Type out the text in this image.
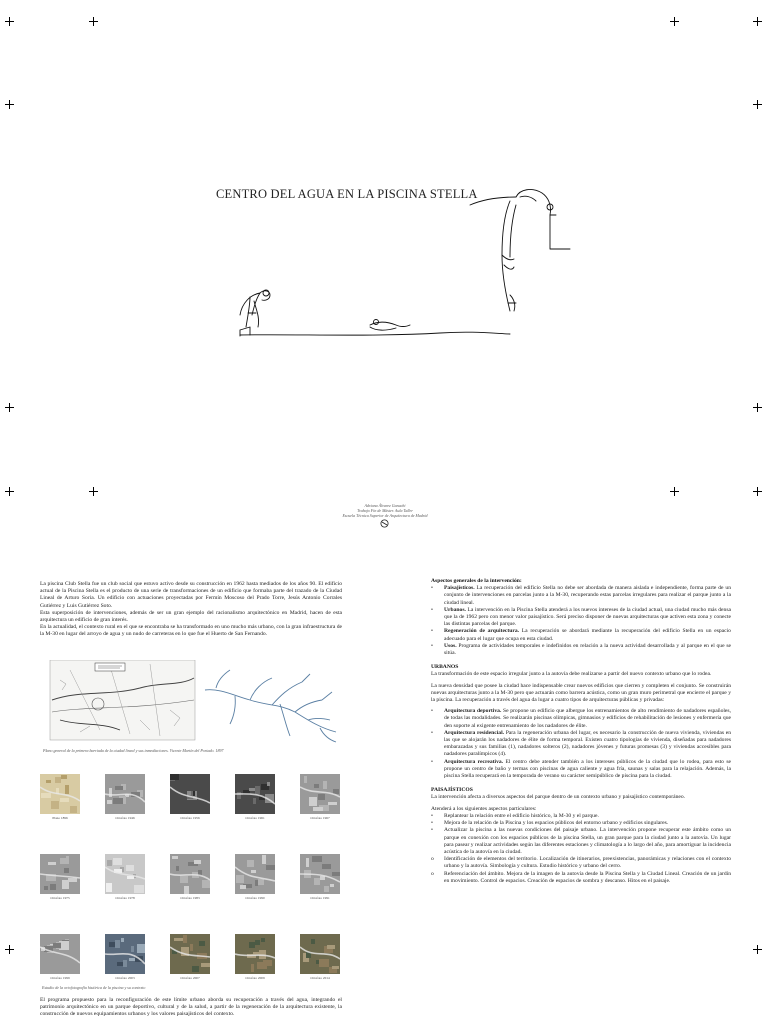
CENTRO DEL AGUA EN LA PISCINA STELLA
Adriana Álvarez Ganuchi
Trabajo Fin de Máster. Aula Taller
Escuela Técnica Superior de Arquitectura de Madrid

La piscina Club Stella fue un club social que estuvo activo desde su construcción en 1962 hasta mediados de los años 90. El edificio actual de la Piscina Stella es el producto de una serie de transformaciones de un edificio que formaba parte del trazado de la Ciudad Lineal de Arturo Soria. Un edificio con actuaciones proyectadas por Fermín Moscoso del Prado Torre, Jesús Antonio Corrales Gutiérrez y Luis Gutiérrez Soto.

Esta superposición de intervenciones, además de ser un gran ejemplo del racionalismo arquitectónico en Madrid, hacen de esta arquitectura un edificio de gran interés.

En la actualidad, el contexto rural en el que se encontraba se ha transformado en uno mucho más urbano, con la gran infraestructura de la M-30 en lugar del arroyo de agua y un nudo de carreteras en lo que fue el Huerto de San Fernando.

Plano general de la primera barriada de la ciudad lineal y sus inmediaciones. Vicente Martín del Portado. 1897
Plano 1896	Ortofoto 1946	Ortofoto 1956	Ortofoto 1961	Ortofoto 1967
Ortofoto 1975	Ortofoto 1978	Ortofoto 1983	Ortofoto 1990	Ortofoto 1991
Ortofoto 1999	Ortofoto 2003	Ortofoto 2007	Ortofoto 2009	Ortofoto 2014
Estudio de la ortofotografía histórica de la piscina y su contexto

El programa propuesto para la reconfiguración de este límite urbano aborda su recuperación a través del agua, integrando el patrimonio arquitectónico en un parque deportivo, cultural y de la salud, a partir de la regeneración de la arquitectura existente, la construcción de nuevos equipamientos urbanos y los valores paisajísticos del contexto.

Aspectos generales de la intervención:

•	Paisajísticos. La recuperación del edificio Stella no debe ser abordada de manera aislada e independiente, forma parte de un conjunto de intervenciones en parcelas junto a la M-30, recuperando estas parcelas irregulares para realizar el parque junto a la ciudad lineal.
•	Urbanos. La intervención en la Piscina Stella atenderá a los nuevos intereses de la ciudad actual, una ciudad mucho más densa que la de 1962 pero con menor valor paisajístico. Será preciso disponer de nuevas arquitecturas que activen esta zona y conecte las distintas parcelas del parque.
•	Regeneración de arquitectura. La recuperación se abordará mediante la recuperación del edificio Stella en un espacio adecuado para el lugar que ocupa en esta ciudad.
•	Usos. Programa de actividades temporales e indefinidos en relación a la nueva actividad desarrollada y al parque en el que se sitúa.

URBANOS

La transformación de este espacio irregular junto a la autovía debe realizarse a partir del nuevo contexto urbano que lo rodea.

La nueva densidad que posee la ciudad hace indispensable crear nuevos edificios que cierren y completen el conjunto. Se construirán nuevas arquitecturas junto a la M-30 pero que actuarán como barrera acústica, como un gran muro perimetral que encierre el parque y la piscina. La recuperación a través del agua da lugar a cuatro tipos de arquitecturas públicas y privadas:

•	Arquitectura deportiva. Se propone un edificio que albergue los entrenamientos de alto rendimiento de nadadores españoles, de todas las modalidades. Se realizarán piscinas olímpicas, gimnasios y edificios de rehabilitación de lesiones y enfermería que den soporte al exigente entrenamiento de los nadadores de élite.
•	Arquitectura residencial. Para la regeneración urbana del lugar, es necesario la construcción de nueva vivienda, viviendas en las que se alojarán los nadadores de élite de forma temporal. Existen cuatro tipologías de vivienda, diseñadas para nadadores embarazadas y sus familias (1), nadadores solteros (2), nadadores jóvenes y futuras promesas (3) y viviendas accesibles para nadadores paralímpicos (4).
•	Arquitectura recreativa. El centro debe atender también a los intereses públicos de la ciudad que lo rodea, para esto se propone un centro de baño y termas con piscinas de agua caliente y agua fría, saunas y salas para la relajación. Además, la piscina Stella recuperará en la temporada de verano su carácter semipúblico de piscina para la ciudad.

PAISAJÍSTICOS

La intervención afecta a diversos aspectos del parque dentro de un contexto urbano y paisajístico contemporáneo.

Atenderá a los siguientes aspectos particulares:

•	Replantear la relación entre el edificio histórico, la M-30 y el parque.
•	Mejora de la relación de la Piscina y los espacios públicos del entorno urbano y edificios singulares.
•	Actualizar la piscina a las nuevas condiciones del paisaje urbano. La intervención propone recuperar este ámbito como un parque en conexión con los espacios públicos de la piscina Stella, un gran parque para la ciudad junto a la autovía. Un lugar para pasear y realizar actividades según las diferentes estaciones y climatología a lo largo del año, para amortiguar la incidencia acústica de la autovía en la ciudad.
o	Identificación de elementos del territorio. Localización de itinerarios, preexistencias, panorámicas y relaciones con el contexto urbano y la autovía. Simbología y cultura. Estudio histórico y urbano del cerro.
o	Referenciación del ámbito. Mejora de la imagen de la autovía desde la Piscina Stella y la Ciudad Lineal. Creación de un jardín en movimiento. Control de espacios. Creación de espacios de sombra y descanso. Hitos en el paisaje.
